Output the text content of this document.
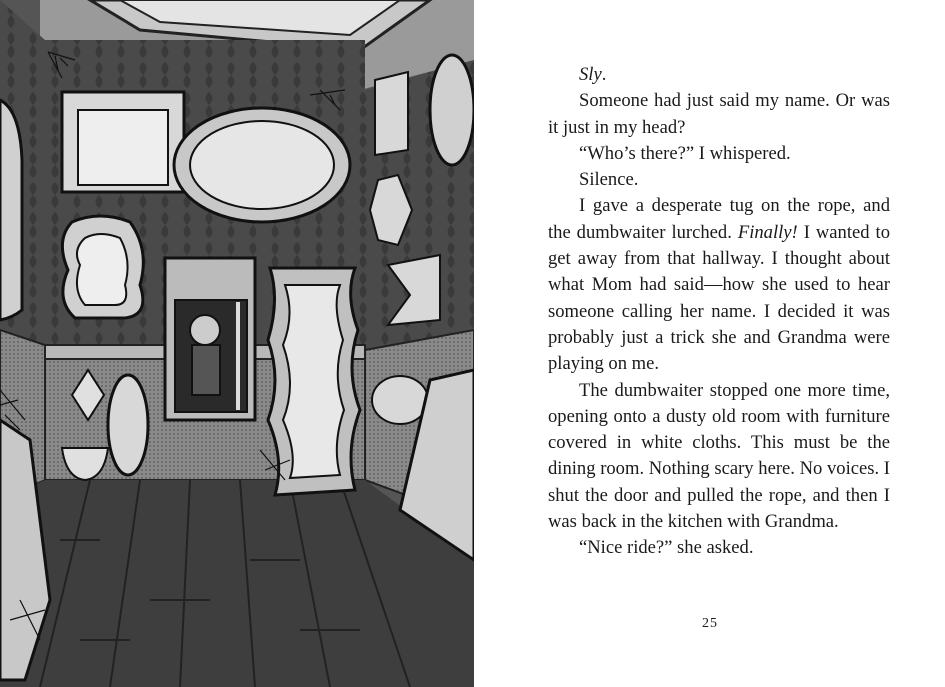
Sly.

Someone had just said my name. Or was it just in my head?

“Who’s there?” I whispered.

Silence.

I gave a desperate tug on the rope, and the dumbwaiter lurched. Finally! I wanted to get away from that hallway. I thought about what Mom had said—how she used to hear someone calling her name. I decided it was probably just a trick she and Grandma were playing on me.

The dumbwaiter stopped one more time, opening onto a dusty old room with furniture covered in white cloths. This must be the dining room. Nothing scary here. No voices. I shut the door and pulled the rope, and then I was back in the kitchen with Grandma.

“Nice ride?” she asked.

25
